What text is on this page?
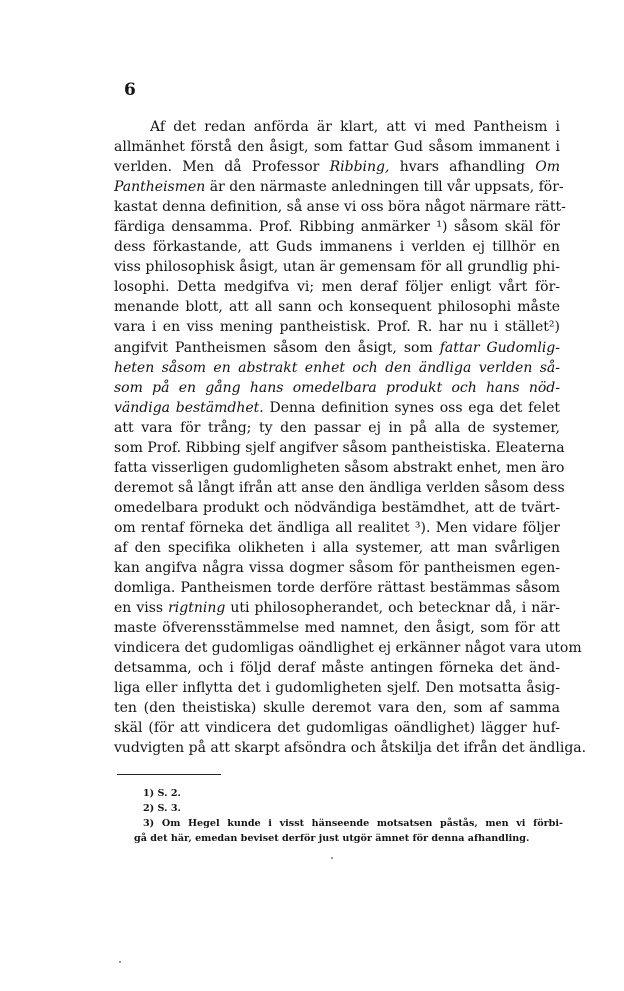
6
Af det redan anförda är klart, att vi med Pantheism i
allmänhet förstå den åsigt, som fattar Gud såsom immanent i
verlden. Men då Professor Ribbing, hvars afhandling Om
Pantheismen är den närmaste anledningen till vår uppsats, för-
kastat denna definition, så anse vi oss böra något närmare rätt-
färdiga densamma. Prof. Ribbing anmärker ¹) såsom skäl för
dess förkastande, att Guds immanens i verlden ej tillhör en
viss philosophisk åsigt, utan är gemensam för all grundlig phi-
losophi. Detta medgifva vi; men deraf följer enligt vårt för-
menande blott, att all sann och konsequent philosophi måste
vara i en viss mening pantheistisk. Prof. R. har nu i stället²)
angifvit Pantheismen såsom den åsigt, som fattar Gudomlig-
heten såsom en abstrakt enhet och den ändliga verlden så-
som på en gång hans omedelbara produkt och hans nöd-
vändiga bestämdhet. Denna definition synes oss ega det felet
att vara för trång; ty den passar ej in på alla de systemer,
som Prof. Ribbing sjelf angifver såsom pantheistiska. Eleaterna
fatta visserligen gudomligheten såsom abstrakt enhet, men äro
deremot så långt ifrån att anse den ändliga verlden såsom dess
omedelbara produkt och nödvändiga bestämdhet, att de tvärt-
om rentaf förneka det ändliga all realitet ³). Men vidare följer
af den specifika olikheten i alla systemer, att man svårligen
kan angifva några vissa dogmer såsom för pantheismen egen-
domliga. Pantheismen torde derföre rättast bestämmas såsom
en viss rigtning uti philosopherandet, och betecknar då, i när-
maste öfverensstämmelse med namnet, den åsigt, som för att
vindicera det gudomligas oändlighet ej erkänner något vara utom
detsamma, och i följd deraf måste antingen förneka det änd-
liga eller inflytta det i gudomligheten sjelf. Den motsatta åsig-
ten (den theistiska) skulle deremot vara den, som af samma
skäl (för att vindicera det gudomligas oändlighet) lägger huf-
vudvigten på att skarpt afsöndra och åtskilja det ifrån det ändliga.
1) S. 2.
2) S. 3.
3) Om Hegel kunde i visst hänseende motsatsen påstås, men vi förbi-
gå det här, emedan beviset derför just utgör ämnet för denna afhandling.
